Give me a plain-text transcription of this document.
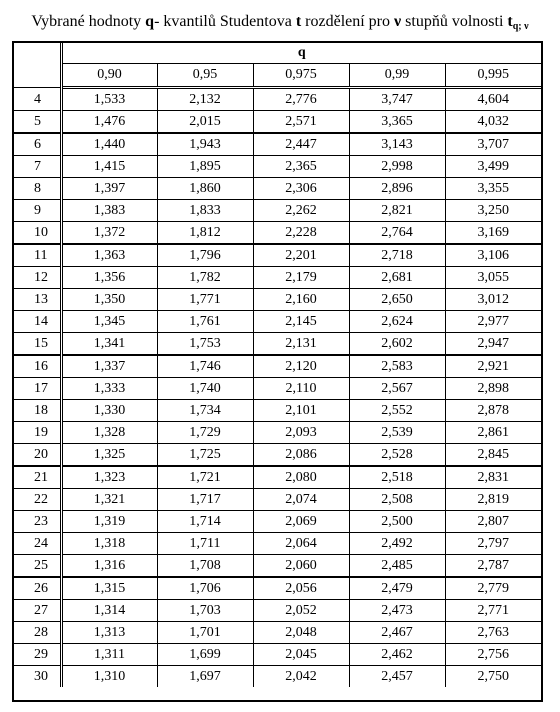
Vybrané hodnoty q- kvantilů Studentova t rozdělení pro ν stupňů volnosti $t_{q; \nu}$
	q				
	0,90	0,95	0,975	0,99	0,995
4	1,533	2,132	2,776	3,747	4,604
5	1,476	2,015	2,571	3,365	4,032
6	1,440	1,943	2,447	3,143	3,707
7	1,415	1,895	2,365	2,998	3,499
8	1,397	1,860	2,306	2,896	3,355
9	1,383	1,833	2,262	2,821	3,250
10	1,372	1,812	2,228	2,764	3,169
11	1,363	1,796	2,201	2,718	3,106
12	1,356	1,782	2,179	2,681	3,055
13	1,350	1,771	2,160	2,650	3,012
14	1,345	1,761	2,145	2,624	2,977
15	1,341	1,753	2,131	2,602	2,947
16	1,337	1,746	2,120	2,583	2,921
17	1,333	1,740	2,110	2,567	2,898
18	1,330	1,734	2,101	2,552	2,878
19	1,328	1,729	2,093	2,539	2,861
20	1,325	1,725	2,086	2,528	2,845
21	1,323	1,721	2,080	2,518	2,831
22	1,321	1,717	2,074	2,508	2,819
23	1,319	1,714	2,069	2,500	2,807
24	1,318	1,711	2,064	2,492	2,797
25	1,316	1,708	2,060	2,485	2,787
26	1,315	1,706	2,056	2,479	2,779
27	1,314	1,703	2,052	2,473	2,771
28	1,313	1,701	2,048	2,467	2,763
29	1,311	1,699	2,045	2,462	2,756
30	1,310	1,697	2,042	2,457	2,750
